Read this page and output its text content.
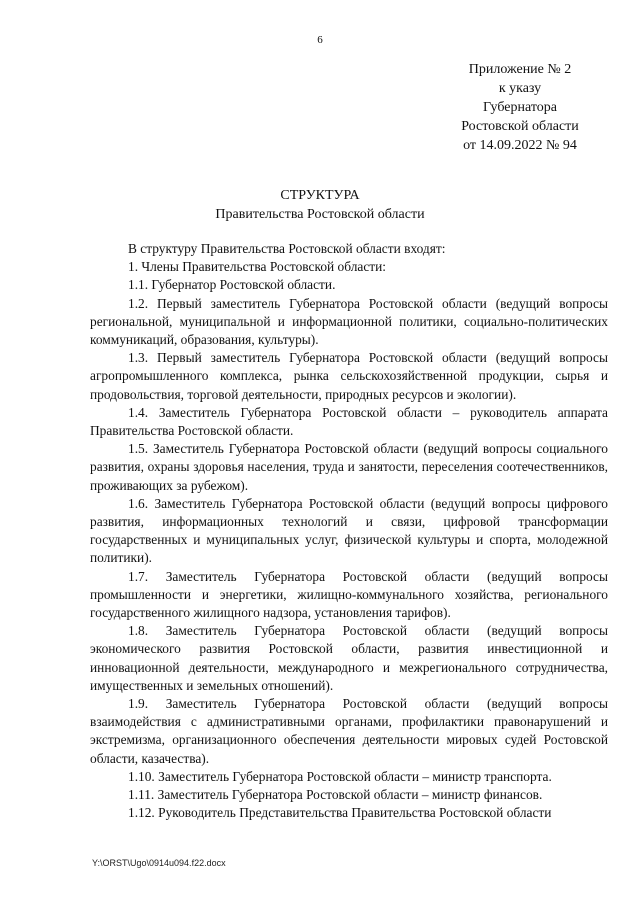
6
Приложение № 2
к указу
Губернатора
Ростовской области
от 14.09.2022 № 94
СТРУКТУРА
Правительства Ростовской области

В структуру Правительства Ростовской области входят:

1. Члены Правительства Ростовской области:

1.1. Губернатор Ростовской области.

1.2. Первый заместитель Губернатора Ростовской области (ведущий вопросы региональной, муниципальной и информационной политики, социально-политических коммуникаций, образования, культуры).

1.3. Первый заместитель Губернатора Ростовской области (ведущий вопросы агропромышленного комплекса, рынка сельскохозяйственной продукции, сырья и продовольствия, торговой деятельности, природных ресурсов и экологии).

1.4. Заместитель Губернатора Ростовской области – руководитель аппарата Правительства Ростовской области.

1.5. Заместитель Губернатора Ростовской области (ведущий вопросы социального развития, охраны здоровья населения, труда и занятости, переселения соотечественников, проживающих за рубежом).

1.6. Заместитель Губернатора Ростовской области (ведущий вопросы цифрового развития, информационных технологий и связи, цифровой трансформации государственных и муниципальных услуг, физической культуры и спорта, молодежной политики).

1.7. Заместитель Губернатора Ростовской области (ведущий вопросы промышленности и энергетики, жилищно-коммунального хозяйства, регионального государственного жилищного надзора, установления тарифов).

1.8. Заместитель Губернатора Ростовской области (ведущий вопросы экономического развития Ростовской области, развития инвестиционной и инновационной деятельности, международного и межрегионального сотрудничества, имущественных и земельных отношений).

1.9. Заместитель Губернатора Ростовской области (ведущий вопросы взаимодействия с административными органами, профилактики правонарушений и экстремизма, организационного обеспечения деятельности мировых судей Ростовской области, казачества).

1.10. Заместитель Губернатора Ростовской области – министр транспорта.

1.11. Заместитель Губернатора Ростовской области – министр финансов.

1.12. Руководитель Представительства Правительства Ростовской области

Y:\ORST\Ugo\0914u094.f22.docx
